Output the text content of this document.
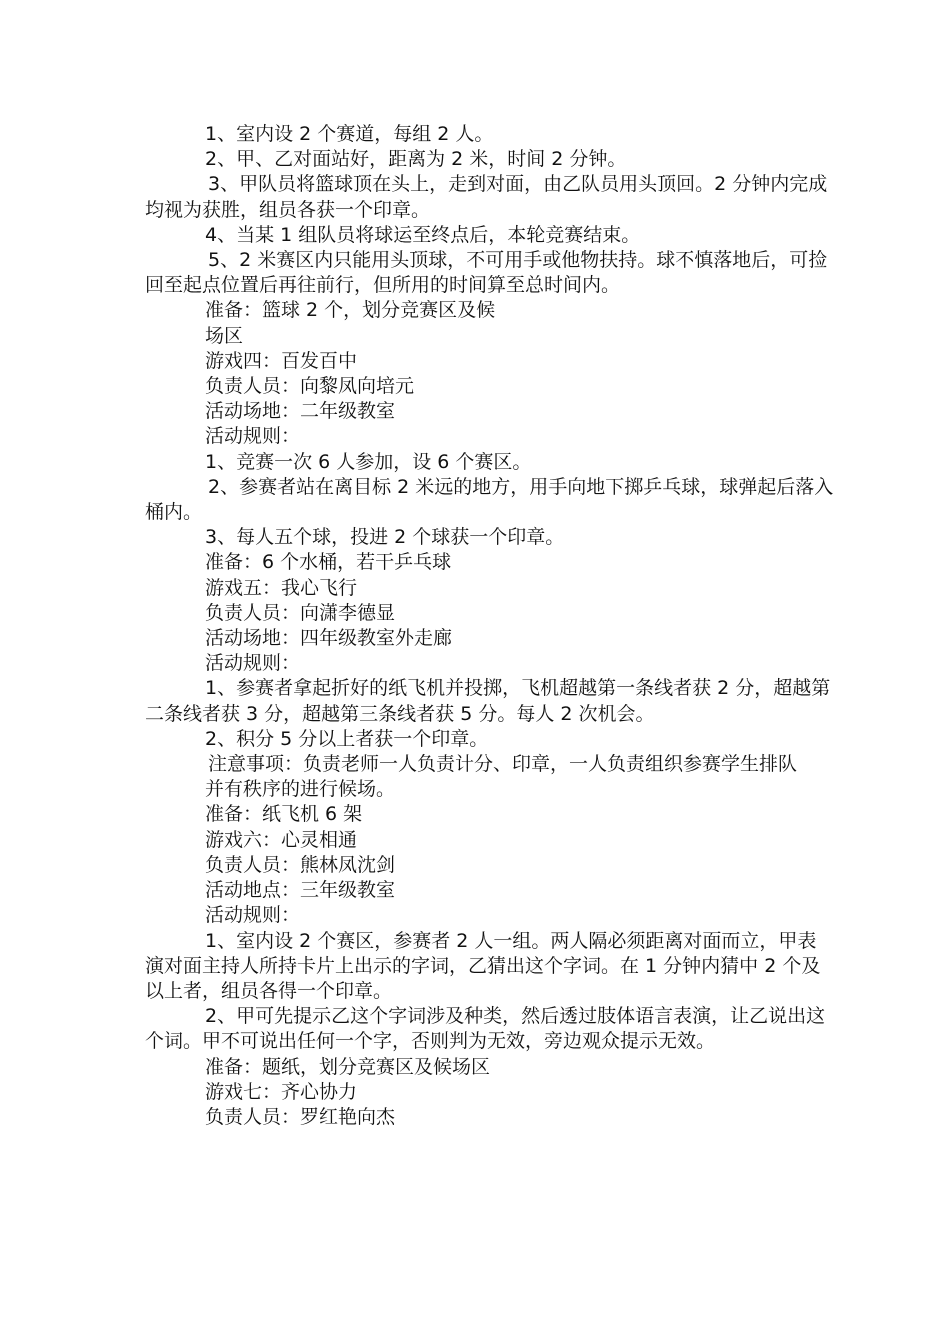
1、室内设 2 个赛道，每组 2 人。

2、甲、乙对面站好，距离为 2 米，时间 2 分钟。

3、甲队员将篮球顶在头上，走到对面，由乙队员用头顶回。2 分钟内完成均视为获胜，组员各获一个印章。

4、当某 1 组队员将球运至终点后，本轮竞赛结束。

5、2 米赛区内只能用头顶球，不可用手或他物扶持。球不慎落地后，可捡回至起点位置后再往前行，但所用的时间算至总时间内。

准备：篮球 2 个，划分竞赛区及候

场区

游戏四：百发百中

负责人员：向黎凤向培元

活动场地：二年级教室

活动规则：

1、竞赛一次 6 人参加，设 6 个赛区。

2、参赛者站在离目标 2 米远的地方，用手向地下掷乒乓球，球弹起后落入桶内。

3、每人五个球，投进 2 个球获一个印章。

准备：6 个水桶，若干乒乓球

游戏五：我心飞行

负责人员：向潇李德显

活动场地：四年级教室外走廊

活动规则：

1、参赛者拿起折好的纸飞机并投掷，飞机超越第一条线者获 2 分，超越第二条线者获 3 分，超越第三条线者获 5 分。每人 2 次机会。

2、积分 5 分以上者获一个印章。

注意事项：负责老师一人负责计分、印章，一人负责组织参赛学生排队

并有秩序的进行候场。

准备：纸飞机 6 架

游戏六：心灵相通

负责人员：熊林凤沈剑

活动地点：三年级教室

活动规则：

1、室内设 2 个赛区，参赛者 2 人一组。两人隔必须距离对面而立，甲表演对面主持人所持卡片上出示的字词，乙猜出这个字词。在 1 分钟内猜中 2 个及以上者，组员各得一个印章。

2、甲可先提示乙这个字词涉及种类，然后透过肢体语言表演，让乙说出这个词。甲不可说出任何一个字，否则判为无效，旁边观众提示无效。

准备：题纸，划分竞赛区及候场区

游戏七：齐心协力

负责人员：罗红艳向杰
